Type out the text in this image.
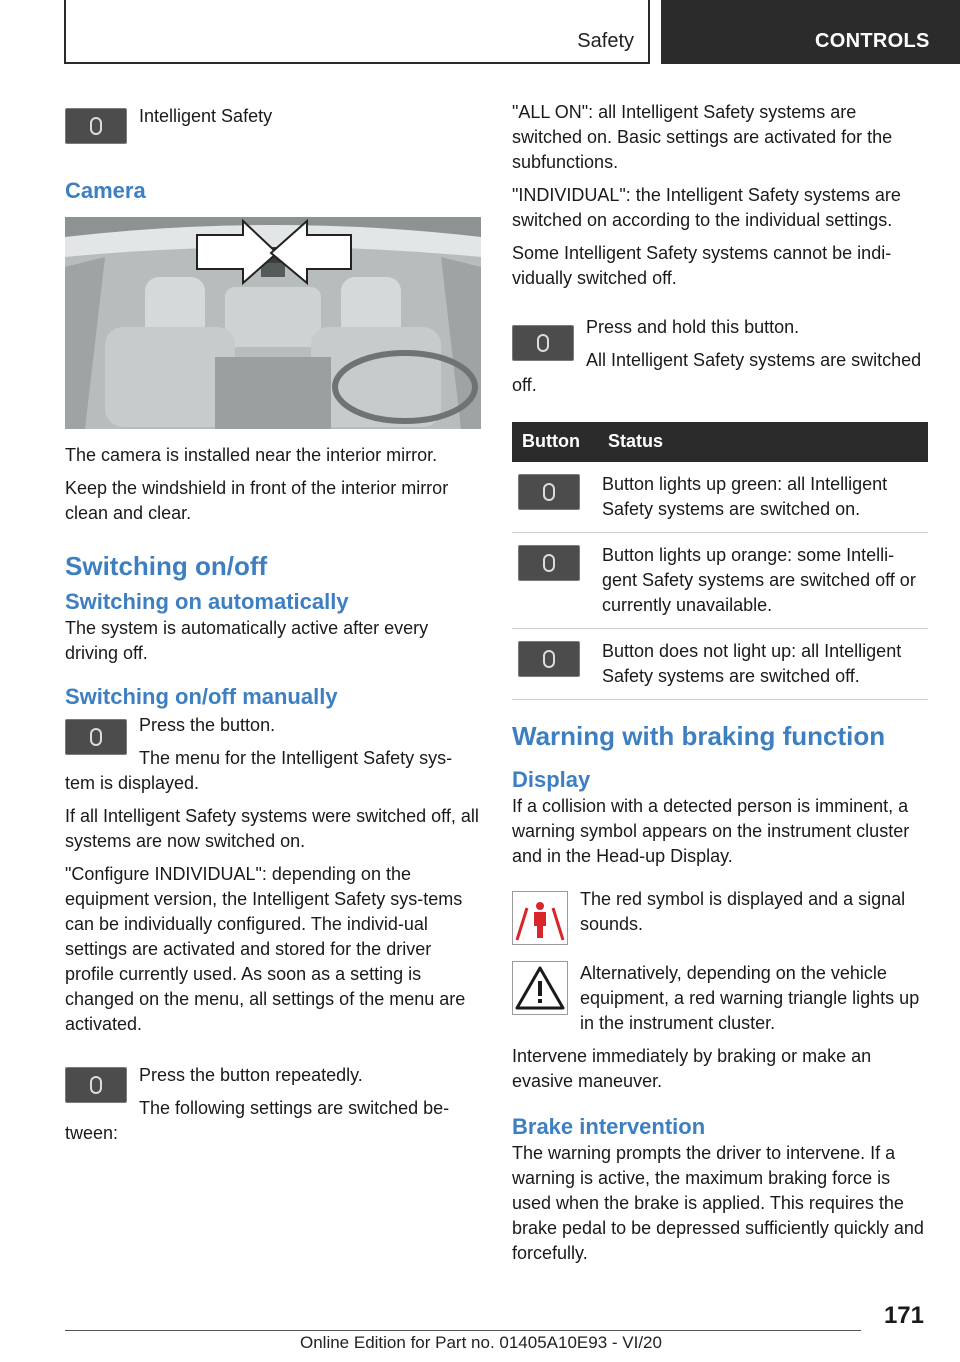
Safety	CONTROLS

Intelligent Safety

Camera

The camera is installed near the interior mirror.

Keep the windshield in front of the interior mirror clean and clear.

Switching on/off
Switching on automatically

The system is automatically active after every driving off.

Switching on/off manually

Press the button.

The menu for the Intelligent Safety sys‐tem is displayed.

If all Intelligent Safety systems were switched off, all systems are now switched on.

"Configure INDIVIDUAL": depending on the equipment version, the Intelligent Safety sys‐tems can be individually configured. The individ‐ual settings are activated and stored for the driver profile currently used. As soon as a setting is changed on the menu, all settings of the menu are activated.

Press the button repeatedly.

The following settings are switched be‐tween:

"ALL ON": all Intelligent Safety systems are switched on. Basic settings are activated for the subfunctions.

"INDIVIDUAL": the Intelligent Safety systems are switched on according to the individual settings.

Some Intelligent Safety systems cannot be indi‐vidually switched off.

Press and hold this button.

All Intelligent Safety systems are switched off.

Button	Status

	Button lights up green: all Intelligent Safety systems are switched on.

	Button lights up orange: some Intelli‐gent Safety systems are switched off or currently unavailable.

	Button does not light up: all Intelligent Safety systems are switched off.
Warning with braking function
Display

If a collision with a detected person is imminent, a warning symbol appears on the instrument cluster and in the Head-up Display.

The red symbol is displayed and a signal sounds.

Alternatively, depending on the vehicle equipment, a red warning triangle lights up in the instrument cluster.

Intervene immediately by braking or make an evasive maneuver.

Brake intervention

The warning prompts the driver to intervene. If a warning is active, the maximum braking force is used when the brake is applied. This requires the brake pedal to be depressed sufficiently quickly and forcefully.

171
Online Edition for Part no. 01405A10E93 - VI/20
